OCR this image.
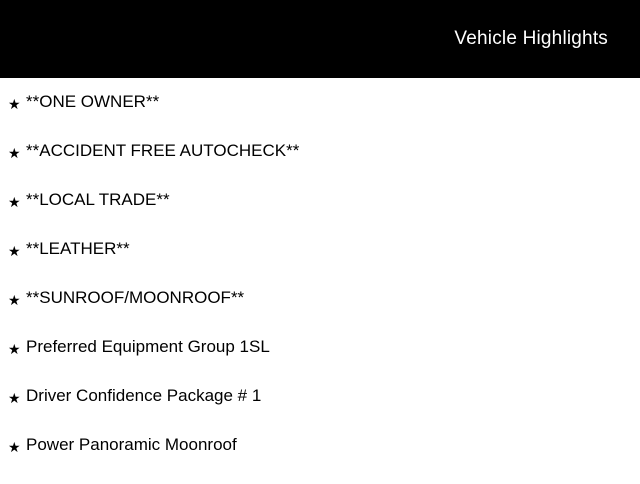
Vehicle Highlights
★ **ONE OWNER**
★ **ACCIDENT FREE AUTOCHECK**
★ **LOCAL TRADE**
★ **LEATHER**
★ **SUNROOF/MOONROOF**
★ Preferred Equipment Group 1SL
★ Driver Confidence Package # 1
★ Power Panoramic Moonroof
